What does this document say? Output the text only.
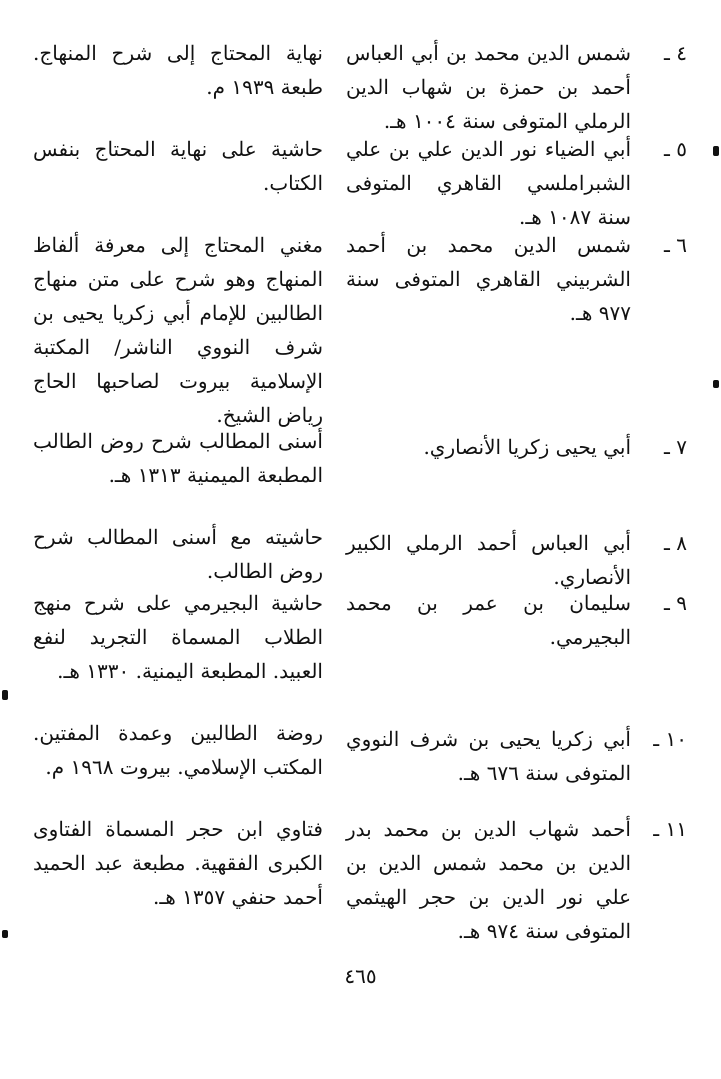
٤ ـ
شمس الدين محمد بن أبي العباس أحمد بن حمزة بن شهاب الدين الرملي المتوفى سنة ١٠٠٤ هـ.
نهاية المحتاج إلى شرح المنهاج. طبعة ١٩٣٩ م.
٥ ـ
أبي الضياء نور الدين علي بن علي الشبراملسي القاهري المتوفى سنة ١٠٨٧ هـ.
حاشية على نهاية المحتاج بنفس الكتاب.
٦ ـ
شمس الدين محمد بن أحمد الشربيني القاهري المتوفى سنة ٩٧٧ هـ.
مغني المحتاج إلى معرفة ألفاظ المنهاج وهو شرح على متن منهاج الطالبين للإمام أبي زكريا يحيى بن شرف النووي الناشر/ المكتبة الإسلامية بيروت لصاحبها الحاج رياض الشيخ.
٧ ـ
أبي يحيى زكريا الأنصاري.
أسنى المطالب شرح روض الطالب المطبعة الميمنية ١٣١٣ هـ.
٨ ـ
أبي العباس أحمد الرملي الكبير الأنصاري.
حاشيته مع أسنى المطالب شرح روض الطالب.
٩ ـ
سليمان بن عمر بن محمد البجيرمي.
حاشية البجيرمي على شرح منهج الطلاب المسماة التجريد لنفع العبيد. المطبعة اليمنية. ١٣٣٠ هـ.
١٠ ـ
أبي زكريا يحيى بن شرف النووي المتوفى سنة ٦٧٦ هـ.
روضة الطالبين وعمدة المفتين. المكتب الإسلامي. بيروت ١٩٦٨ م.
١١ ـ
أحمد شهاب الدين بن محمد بدر الدين بن محمد شمس الدين بن علي نور الدين بن حجر الهيثمي المتوفى سنة ٩٧٤ هـ.
فتاوي ابن حجر المسماة الفتاوى الكبرى الفقهية. مطبعة عبد الحميد أحمد حنفي ١٣٥٧ هـ.
٤٦٥
